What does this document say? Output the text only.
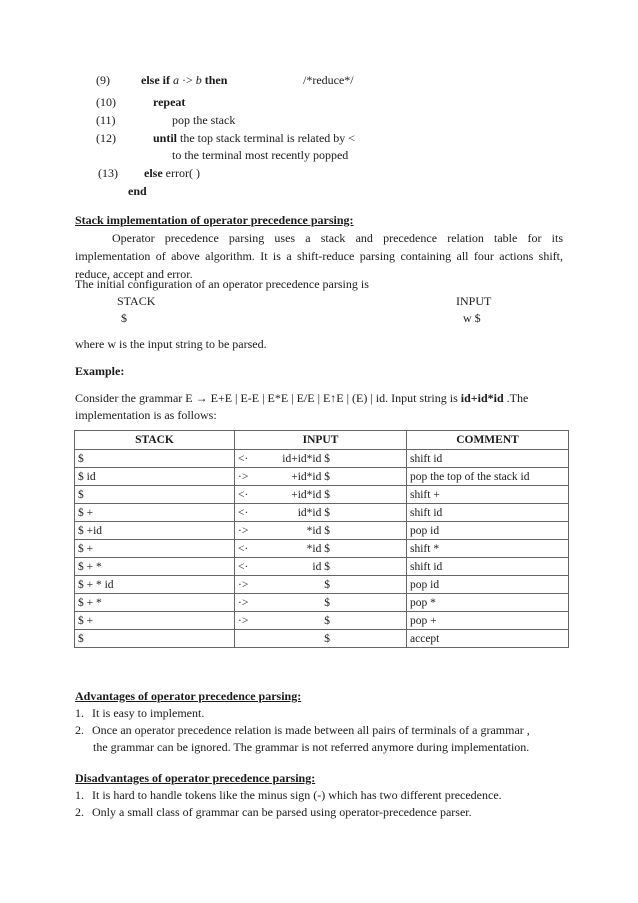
(9)	else if a ·> b then	/*reduce*/
(10)	repeat
(11)	pop the stack
(12)	until the top stack terminal is related by <
to the terminal most recently popped
(13) else error( )
end
Stack implementation of operator precedence parsing:
Operator precedence parsing uses a stack and precedence relation table for its
implementation of above algorithm. It is a shift-reduce parsing containing all four actions shift,
reduce, accept and error.
The initial configuration of an operator precedence parsing is
STACK	INPUT
$	w $
where w is the input string to be parsed.
Example:
Consider the grammar E → E+E | E-E | E*E | E/E | E↑E | (E) | id. Input string is id+id*id .The
implementation is as follows:
STACK	INPUT	COMMENT
$	<· id+id*id $	shift id
$ id	·> +id*id $	pop the top of the stack id
$	<· +id*id $	shift +
$ +	<· id*id $	shift id
$ +id	·> *id $	pop id
$ +	<· *id $	shift *
$ + *	<· id $	shift id
$ + * id	·> $	pop id
$ + *	·> $	pop *
$ +	·> $	pop +
$	$	accept
Advantages of operator precedence parsing:
1. It is easy to implement.
2. Once an operator precedence relation is made between all pairs of terminals of a grammar ,
the grammar can be ignored. The grammar is not referred anymore during implementation.
Disadvantages of operator precedence parsing:
1. It is hard to handle tokens like the minus sign (-) which has two different precedence.
2. Only a small class of grammar can be parsed using operator-precedence parser.
